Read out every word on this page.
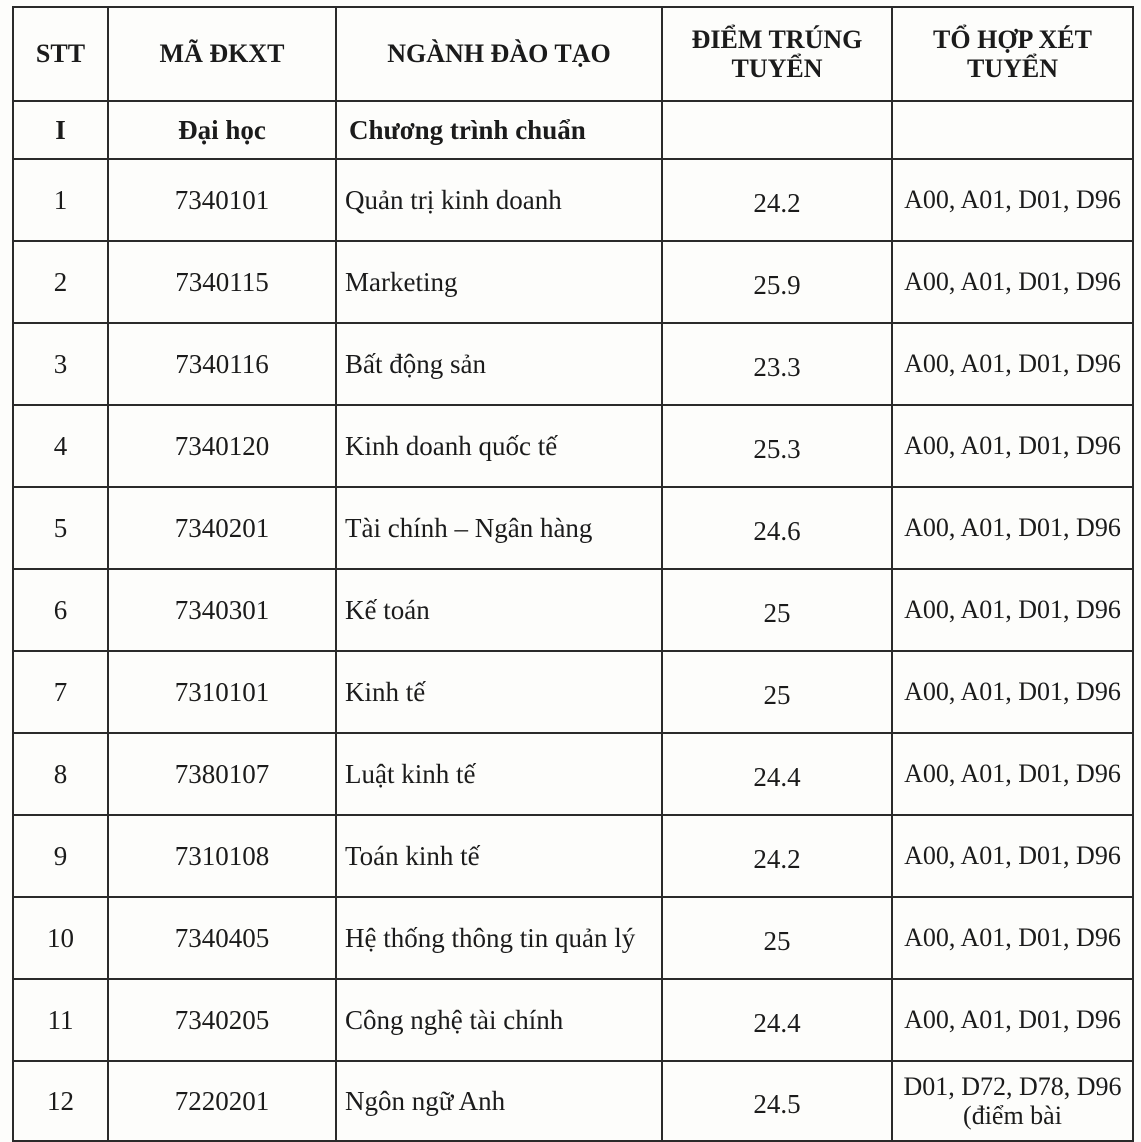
STT	MÃ ĐKXT	NGÀNH ĐÀO TẠO	ĐIỂM TRÚNG TUYỂN	TỔ HỢP XÉT TUYỂN
I	Đại học	Chương trình chuẩn		
1	7340101	Quản trị kinh doanh	24.2	A00, A01, D01, D96
2	7340115	Marketing	25.9	A00, A01, D01, D96
3	7340116	Bất động sản	23.3	A00, A01, D01, D96
4	7340120	Kinh doanh quốc tế	25.3	A00, A01, D01, D96
5	7340201	Tài chính – Ngân hàng	24.6	A00, A01, D01, D96
6	7340301	Kế toán	25	A00, A01, D01, D96
7	7310101	Kinh tế	25	A00, A01, D01, D96
8	7380107	Luật kinh tế	24.4	A00, A01, D01, D96
9	7310108	Toán kinh tế	24.2	A00, A01, D01, D96
10	7340405	Hệ thống thông tin quản lý	25	A00, A01, D01, D96
11	7340205	Công nghệ tài chính	24.4	A00, A01, D01, D96
12	7220201	Ngôn ngữ Anh	24.5	D01, D72, D78, D96 (điểm bài
